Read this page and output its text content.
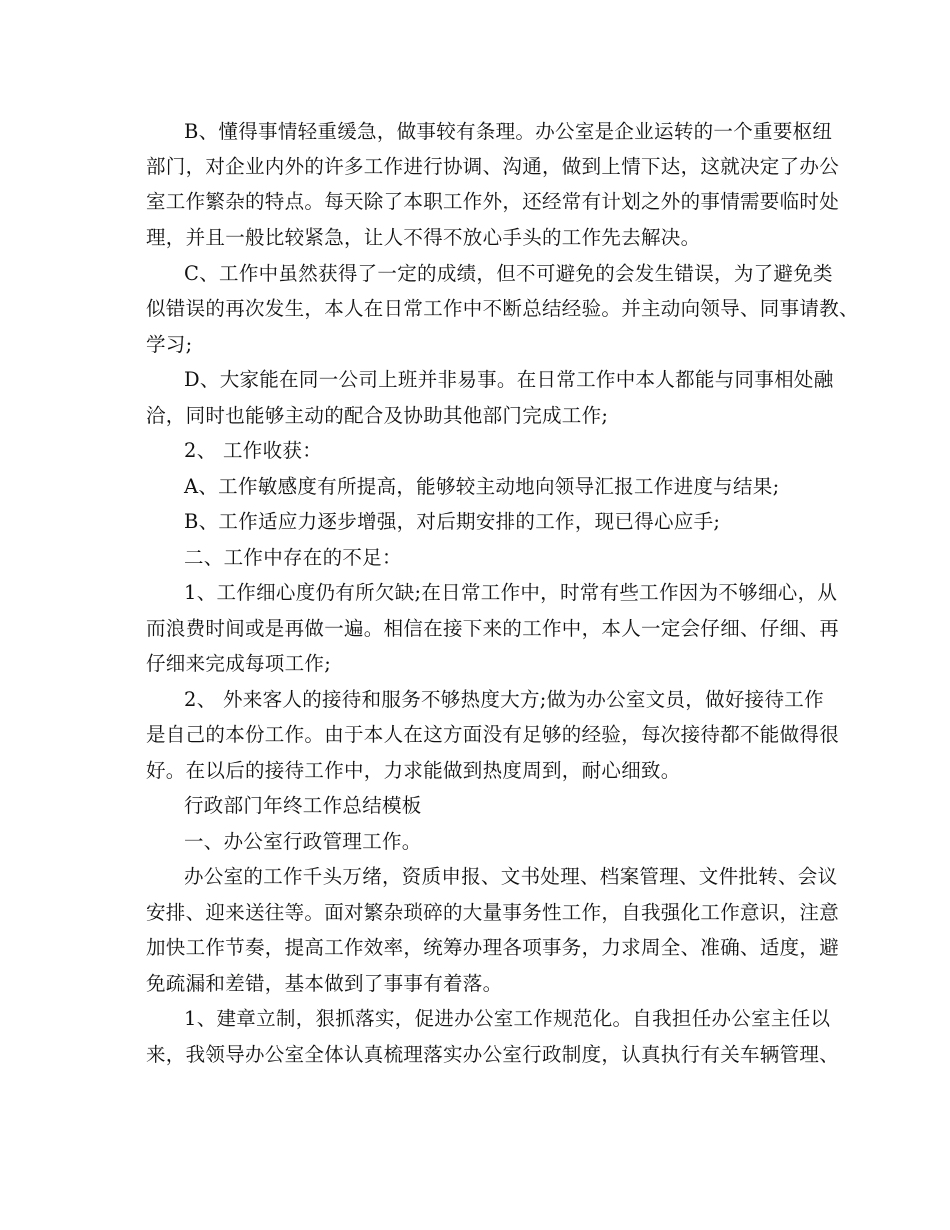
B、懂得事情轻重缓急，做事较有条理。办公室是企业运转的一个重要枢纽
部门，对企业内外的许多工作进行协调、沟通，做到上情下达，这就决定了办公
室工作繁杂的特点。每天除了本职工作外，还经常有计划之外的事情需要临时处
理，并且一般比较紧急，让人不得不放心手头的工作先去解决。
C、工作中虽然获得了一定的成绩，但不可避免的会发生错误，为了避免类
似错误的再次发生，本人在日常工作中不断总结经验。并主动向领导、同事请教、
学习;
D、大家能在同一公司上班并非易事。在日常工作中本人都能与同事相处融
洽，同时也能够主动的配合及协助其他部门完成工作;
2、 工作收获：
A、工作敏感度有所提高，能够较主动地向领导汇报工作进度与结果;
B、工作适应力逐步增强，对后期安排的工作，现已得心应手;
二、工作中存在的不足：
1、工作细心度仍有所欠缺;在日常工作中，时常有些工作因为不够细心，从
而浪费时间或是再做一遍。相信在接下来的工作中，本人一定会仔细、仔细、再
仔细来完成每项工作;
2、 外来客人的接待和服务不够热度大方;做为办公室文员，做好接待工作
是自己的本份工作。由于本人在这方面没有足够的经验，每次接待都不能做得很
好。在以后的接待工作中，力求能做到热度周到，耐心细致。
行政部门年终工作总结模板
一、办公室行政管理工作。
办公室的工作千头万绪，资质申报、文书处理、档案管理、文件批转、会议
安排、迎来送往等。面对繁杂琐碎的大量事务性工作，自我强化工作意识，注意
加快工作节奏，提高工作效率，统筹办理各项事务，力求周全、准确、适度，避
免疏漏和差错，基本做到了事事有着落。
1、建章立制，狠抓落实，促进办公室工作规范化。自我担任办公室主任以
来，我领导办公室全体认真梳理落实办公室行政制度，认真执行有关车辆管理、
